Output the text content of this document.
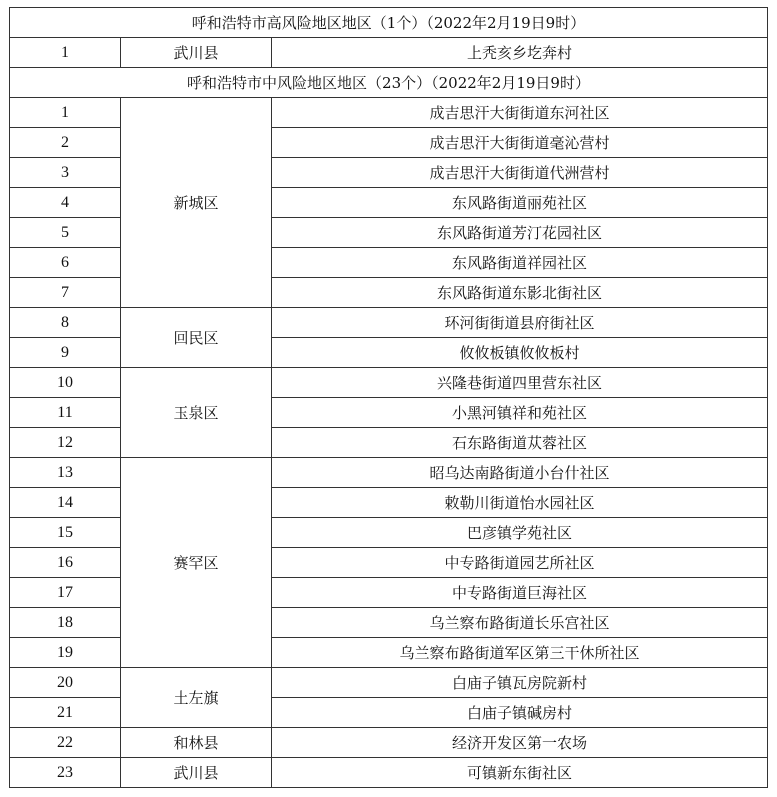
呼和浩特市高风险地区地区（1个）（2022年2月19日9时）		
1	武川县	上秃亥乡圪奔村
呼和浩特市中风险地区地区（23个）（2022年2月19日9时）		
1	新城区	成吉思汗大街街道东河社区
2		成吉思汗大街街道毫沁营村
3		成吉思汗大街街道代洲营村
4		东风路街道丽苑社区
5		东风路街道芳汀花园社区
6		东风路街道祥园社区
7		东风路街道东影北街社区
8	回民区	环河街街道县府街社区
9		攸攸板镇攸攸板村
10	玉泉区	兴隆巷街道四里营东社区
11		小黑河镇祥和苑社区
12		石东路街道苁蓉社区
13	赛罕区	昭乌达南路街道小台什社区
14		敕勒川街道怡水园社区
15		巴彦镇学苑社区
16		中专路街道园艺所社区
17		中专路街道巨海社区
18		乌兰察布路街道长乐宫社区
19		乌兰察布路街道军区第三干休所社区
20	土左旗	白庙子镇瓦房院新村
21		白庙子镇碱房村
22	和林县	经济开发区第一农场
23	武川县	可镇新东街社区
